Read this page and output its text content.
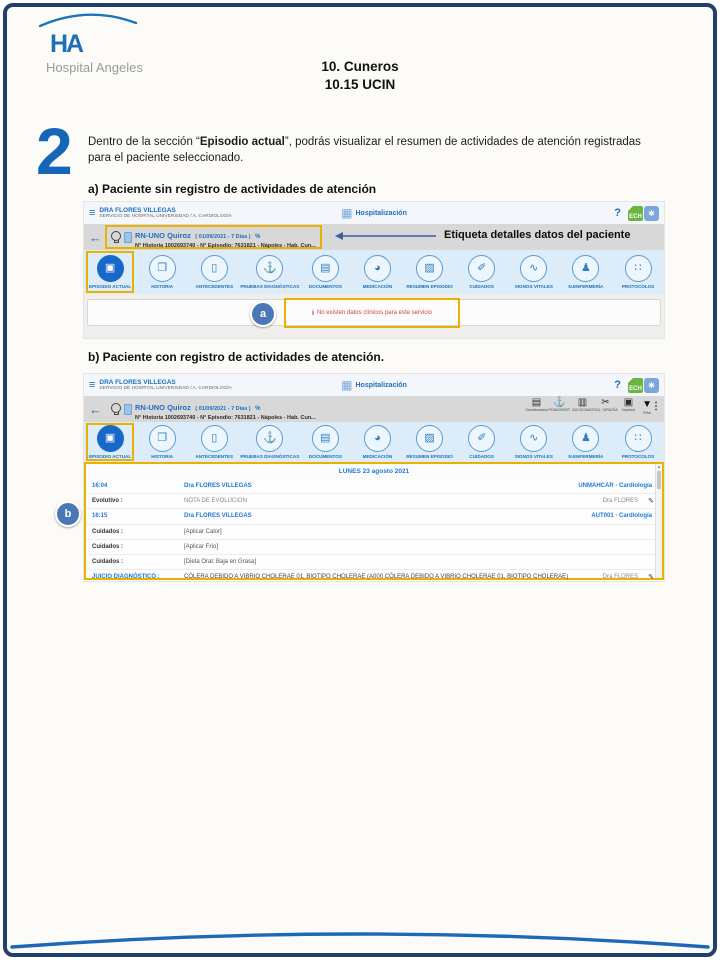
HA
Hospital Angeles	10. Cuneros
10.15 UCIN
2 Dentro de la sección “Episodio actual”, podrás visualizar el resumen de actividades de atención registradas para el paciente seleccionado.
a) Paciente sin registro de actividades de atención
≡ DRA FLORES VILLEGAS
SERVICIO DE HOSPITAL UNIVERSIDAD / A. CARDIOLOGÍA	▦ Hospitalización	? ECH ✱
←	RN-UNO Quiroz ( 01/09/2021 - 7 Días ) %
N° Historia 1002693740 - N° Episodio: 7631821 - Nápoles - Hab. Cun...
Etiqueta detalles datos del paciente
▣
EPISODIO ACTUAL
❐
HISTORIA
▯
ANTECEDENTES
⚓
PRUEBAS DIAGNÓSTICAS
▤
DOCUMENTOS
◕
MEDICACIÓN
▨
RESUMEN EPISODIO
✐
CUIDADOS
∿
SIGNOS VITALES
♟
N.ENFERMERÍA
∷
PROTOCOLOS
a	i No existen datos clínicos para este servicio
b) Paciente con registro de actividades de atención.
≡ DRA FLORES VILLEGAS
SERVICIO DE HOSPITAL UNIVERSIDAD / A. CARDIOLOGÍA	▦ Hospitalización	? ECH ✱
←	RN-UNO Quiroz ( 01/09/2021 - 7 Días ) %
N° Historia 1002693740 - N° Episodio: 7631821 - Nápoles - Hab. Cun...
▤
Cuestionarios
⚓
P.DIAGNÓST.
▥
JUICIO DIAG
✂
SOL. CIRUGÍA
▣
Imprimir ▼
Filtro
⋮
▣
EPISODIO ACTUAL
❐
HISTORIA
▯
ANTECEDENTES
⚓
PRUEBAS DIAGNÓSTICAS
▤
DOCUMENTOS
◕
MEDICACIÓN
▨
RESUMEN EPISODIO
✐
CUIDADOS
∿
SIGNOS VITALES
♟
N.ENFERMERÍA
∷
PROTOCOLOS
LUNES 23 agosto 2021
16:04	Dra FLORES VILLEGAS	UNMAHCAR - Cardiología
Evolutivo :	NOTA DE EVOLUCION	Dra FLORES ✎
16:15	Dra FLORES VILLEGAS	AUT001 - Cardiología
Cuidados :	[Aplicar Calor]
Cuidados :	[Aplicar Frío]
Cuidados :	[Dieta Oral: Baja en Grasa]
JUICIO DIAGNÓSTICO :	CÓLERA DEBIDO A VIBRIO CHOLERAE 01, BIOTIPO CHOLERAE (A000 CÓLERA DEBIDO A VIBRIO CHOLERAE 01, BIOTIPO CHOLERAE)	Dra FLORES ✎
▲
b
